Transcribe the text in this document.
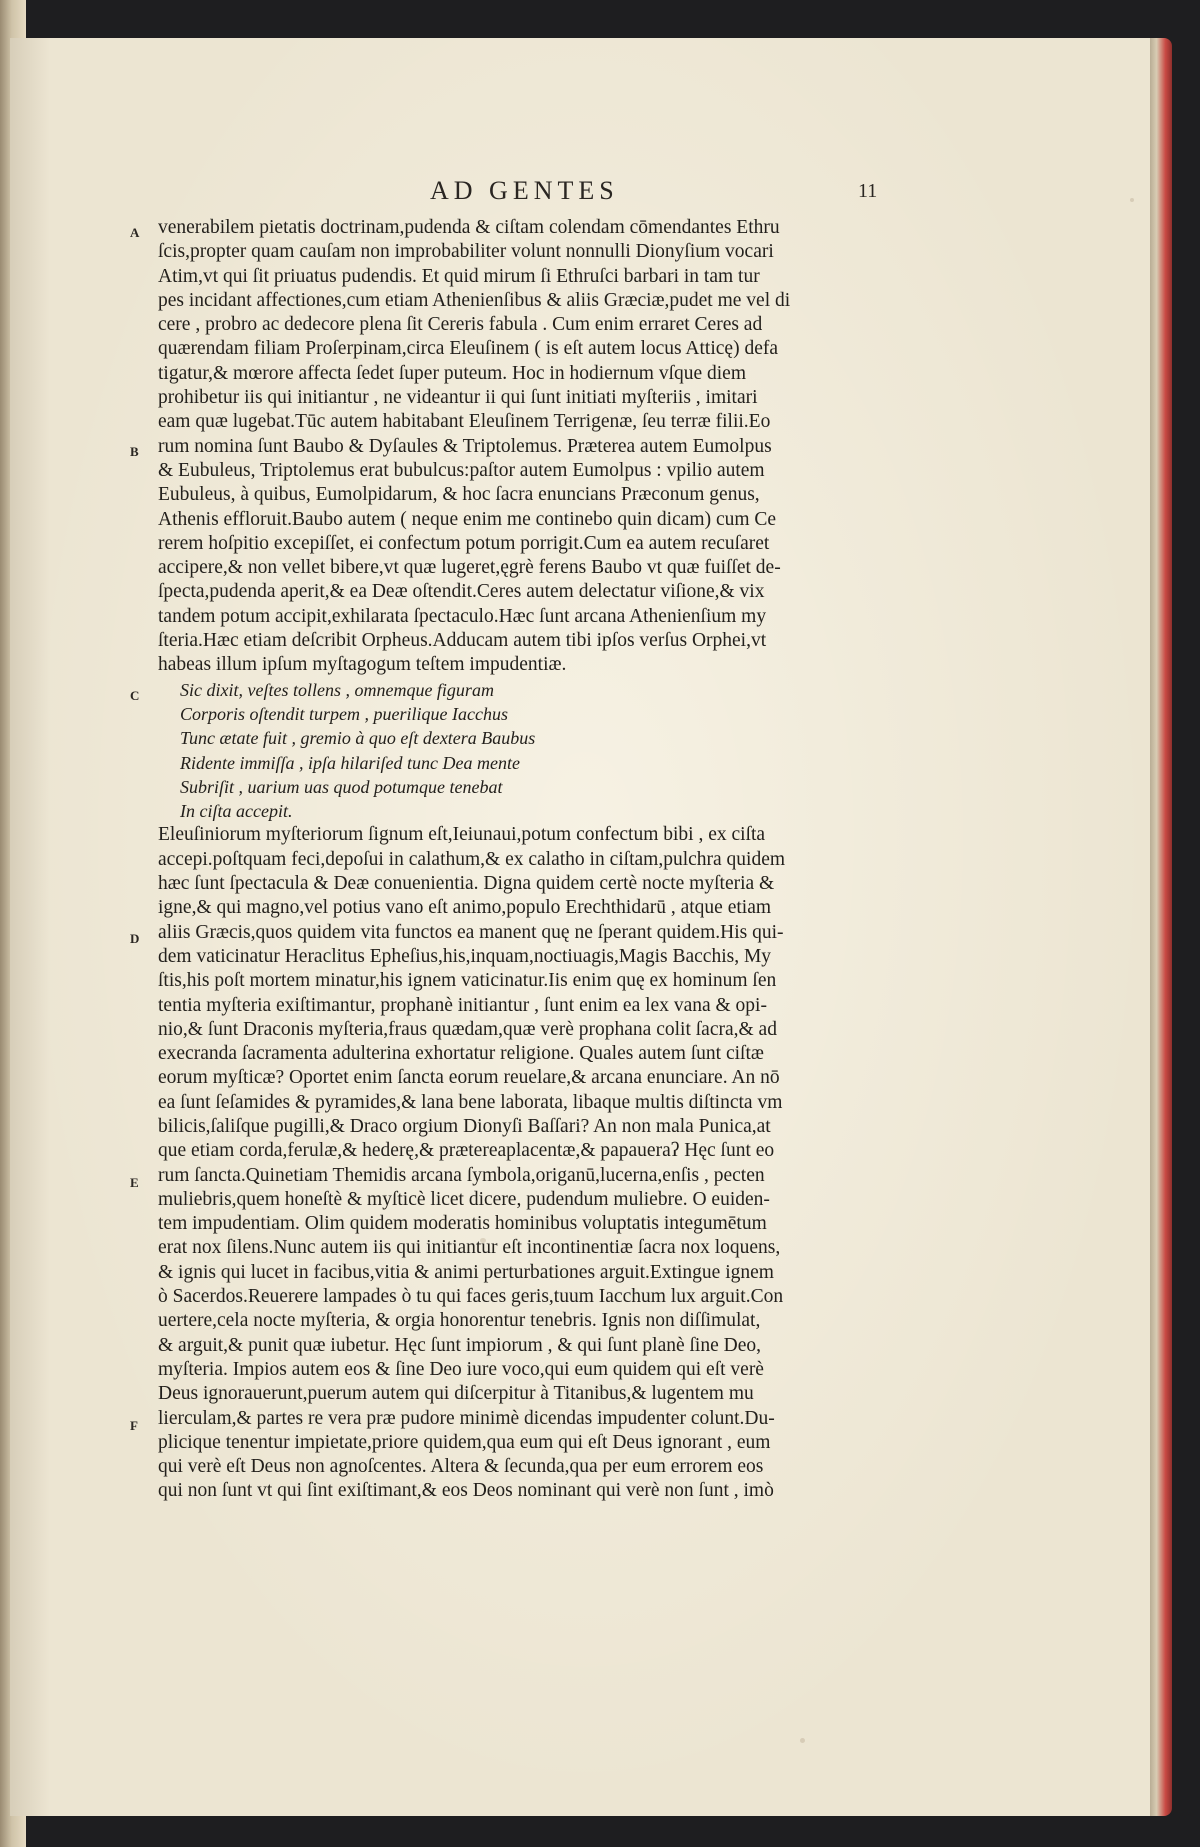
AD GENTES	11
A
B
C
D
E
F
venerabilem pietatis doctrinam,pudenda & ciſtam colendam cōmendantes Ethru
ſcis,propter quam cauſam non improbabiliter volunt nonnulli Dionyſium vocari
Atim,vt qui ſit priuatus pudendis. Et quid mirum ſi Ethruſci barbari in tam tur
pes incidant affectiones,cum etiam Athenienſibus & aliis Græciæ,pudet me vel di
cere , probro ac dedecore plena ſit Cereris fabula . Cum enim erraret Ceres ad
quærendam filiam Proſerpinam,circa Eleuſinem ( is eſt autem locus Atticę) defa
tigatur,& mœrore affecta ſedet ſuper puteum. Hoc in hodiernum vſque diem
prohibetur iis qui initiantur , ne videantur ii qui ſunt initiati myſteriis , imitari
eam quæ lugebat.Tūc autem habitabant Eleuſinem Terrigenæ, ſeu terræ filii.Eo
rum nomina ſunt Baubo & Dyſaules & Triptolemus. Præterea autem Eumolpus
& Eubuleus, Triptolemus erat bubulcus:paſtor autem Eumolpus : vpilio autem
Eubuleus, à quibus, Eumolpidarum, & hoc ſacra enuncians Præconum genus,
Athenis effloruit.Baubo autem ( neque enim me continebo quin dicam) cum Ce
rerem hoſpitio excepiſſet, ei confectum potum porrigit.Cum ea autem recuſaret
accipere,& non vellet bibere,vt quæ lugeret,ęgrè ferens Baubo vt quæ fuiſſet de-
ſpecta,pudenda aperit,& ea Deæ oſtendit.Ceres autem delectatur viſione,& vix
tandem potum accipit,exhilarata ſpectaculo.Hæc ſunt arcana Athenienſium my
ſteria.Hæc etiam deſcribit Orpheus.Adducam autem tibi ipſos verſus Orphei,vt
habeas illum ipſum myſtagogum teſtem impudentiæ.
Sic dixit, veſtes tollens , omnemque figuram
Corporis oſtendit turpem , puerilique Iacchus
Tunc ætate fuit , gremio à quo eſt dextera Baubus
Ridente immiſſa , ipſa hilariſed tunc Dea mente
Subriſit , uarium uas quod potumque tenebat
In ciſta accepit.
Eleuſiniorum myſteriorum ſignum eſt,Ieiunaui,potum confectum bibi , ex ciſta
accepi.poſtquam feci,depoſui in calathum,& ex calatho in ciſtam,pulchra quidem
hæc ſunt ſpectacula & Deæ conuenientia. Digna quidem certè nocte myſteria &
igne,& qui magno,vel potius vano eſt animo,populo Erechthidarū , atque etiam
aliis Græcis,quos quidem vita functos ea manent quę ne ſperant quidem.His qui-
dem vaticinatur Heraclitus Epheſius,his,inquam,noctiuagis,Magis Bacchis, My
ſtis,his poſt mortem minatur,his ignem vaticinatur.Iis enim quę ex hominum ſen
tentia myſteria exiſtimantur, prophanè initiantur , ſunt enim ea lex vana & opi-
nio,& ſunt Draconis myſteria,fraus quædam,quæ verè prophana colit ſacra,& ad
execranda ſacramenta adulterina exhortatur religione. Quales autem ſunt ciſtæ
eorum myſticæ? Oportet enim ſancta eorum reuelare,& arcana enunciare. An nō
ea ſunt ſeſamides & pyramides,& lana bene laborata, libaque multis diſtincta vm
bilicis,ſaliſque pugilli,& Draco orgium Dionyſi Baſſari? An non mala Punica,at
que etiam corda,ferulæ,& hederę,& prætereaplacentæ,& papaueraʔ Hęc ſunt eo
rum ſancta.Quinetiam Themidis arcana ſymbola,origanū,lucerna,enſis , pecten
muliebris,quem honeſtè & myſticè licet dicere, pudendum muliebre. O euiden-
tem impudentiam. Olim quidem moderatis hominibus voluptatis integumētum
erat nox ſilens.Nunc autem iis qui initiantur eſt incontinentiæ ſacra nox loquens,
& ignis qui lucet in facibus,vitia & animi perturbationes arguit.Extingue ignem
ò Sacerdos.Reuerere lampades ò tu qui faces geris,tuum Iacchum lux arguit.Con
uertere,cela nocte myſteria, & orgia honorentur tenebris. Ignis non diſſimulat,
& arguit,& punit quæ iubetur. Hęc ſunt impiorum , & qui ſunt planè ſine Deo,
myſteria. Impios autem eos & ſine Deo iure voco,qui eum quidem qui eſt verè
Deus ignorauerunt,puerum autem qui diſcerpitur à Titanibus,& lugentem mu
lierculam,& partes re vera præ pudore minimè dicendas impudenter colunt.Du-
plicique tenentur impietate,priore quidem,qua eum qui eſt Deus ignorant , eum
qui verè eſt Deus non agnoſcentes. Altera & ſecunda,qua per eum errorem eos
qui non ſunt vt qui ſint exiſtimant,& eos Deos nominant qui verè non ſunt , imò
